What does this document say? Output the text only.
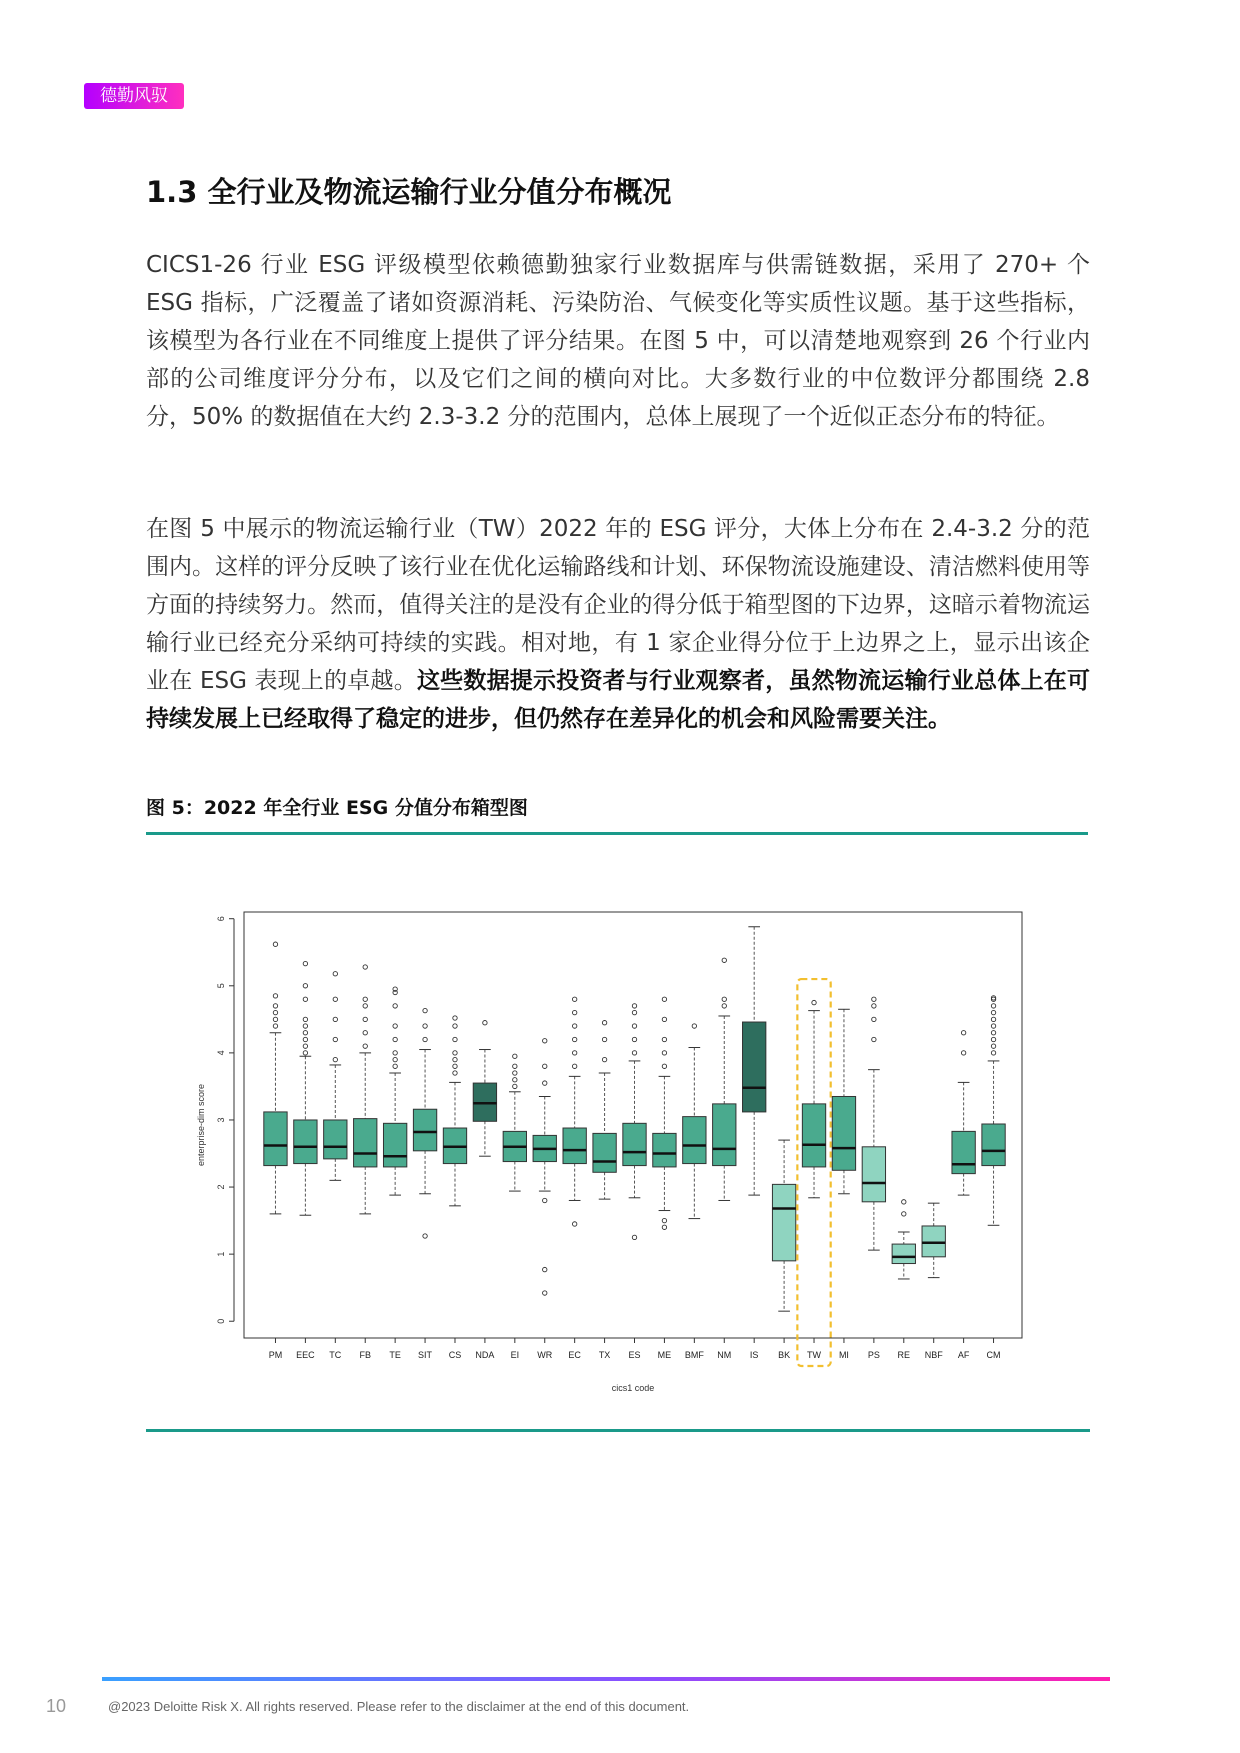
德勤风驭
1.3 全行业及物流运输行业分值分布概况

CICS1-26 行业 ESG 评级模型依赖德勤独家行业数据库与供需链数据，采用了 270+ 个 ESG 指标，广泛覆盖了诸如资源消耗、污染防治、气候变化等实质性议题。基于这些指标，该模型为各行业在不同维度上提供了评分结果。在图 5 中，可以清楚地观察到 26 个行业内部的公司维度评分分布，以及它们之间的横向对比。大多数行业的中位数评分都围绕 2.8 分，50% 的数据值在大约 2.3-3.2 分的范围内，总体上展现了一个近似正态分布的特征。

在图 5 中展示的物流运输行业（TW）2022 年的 ESG 评分，大体上分布在 2.4-3.2 分的范围内。这样的评分反映了该行业在优化运输路线和计划、环保物流设施建设、清洁燃料使用等方面的持续努力。然而，值得关注的是没有企业的得分低于箱型图的下边界，这暗示着物流运输行业已经充分采纳可持续的实践。相对地，有 1 家企业得分位于上边界之上，显示出该企业在 ESG 表现上的卓越。这些数据提示投资者与行业观察者，虽然物流运输行业总体上在可持续发展上已经取得了稳定的进步，但仍然存在差异化的机会和风险需要关注。

图 5：2022 年全行业 ESG 分值分布箱型图
0
1
2
3
4
5
6
PM EEC TC FB TE SIT CS NDA EI WR EC TX ES ME BMF NM IS BK TW MI PS RE NBF AF CM
enterprise-dim score
cics1 code
10	@2023 Deloitte Risk X. All rights reserved. Please refer to the disclaimer at the end of this document.
